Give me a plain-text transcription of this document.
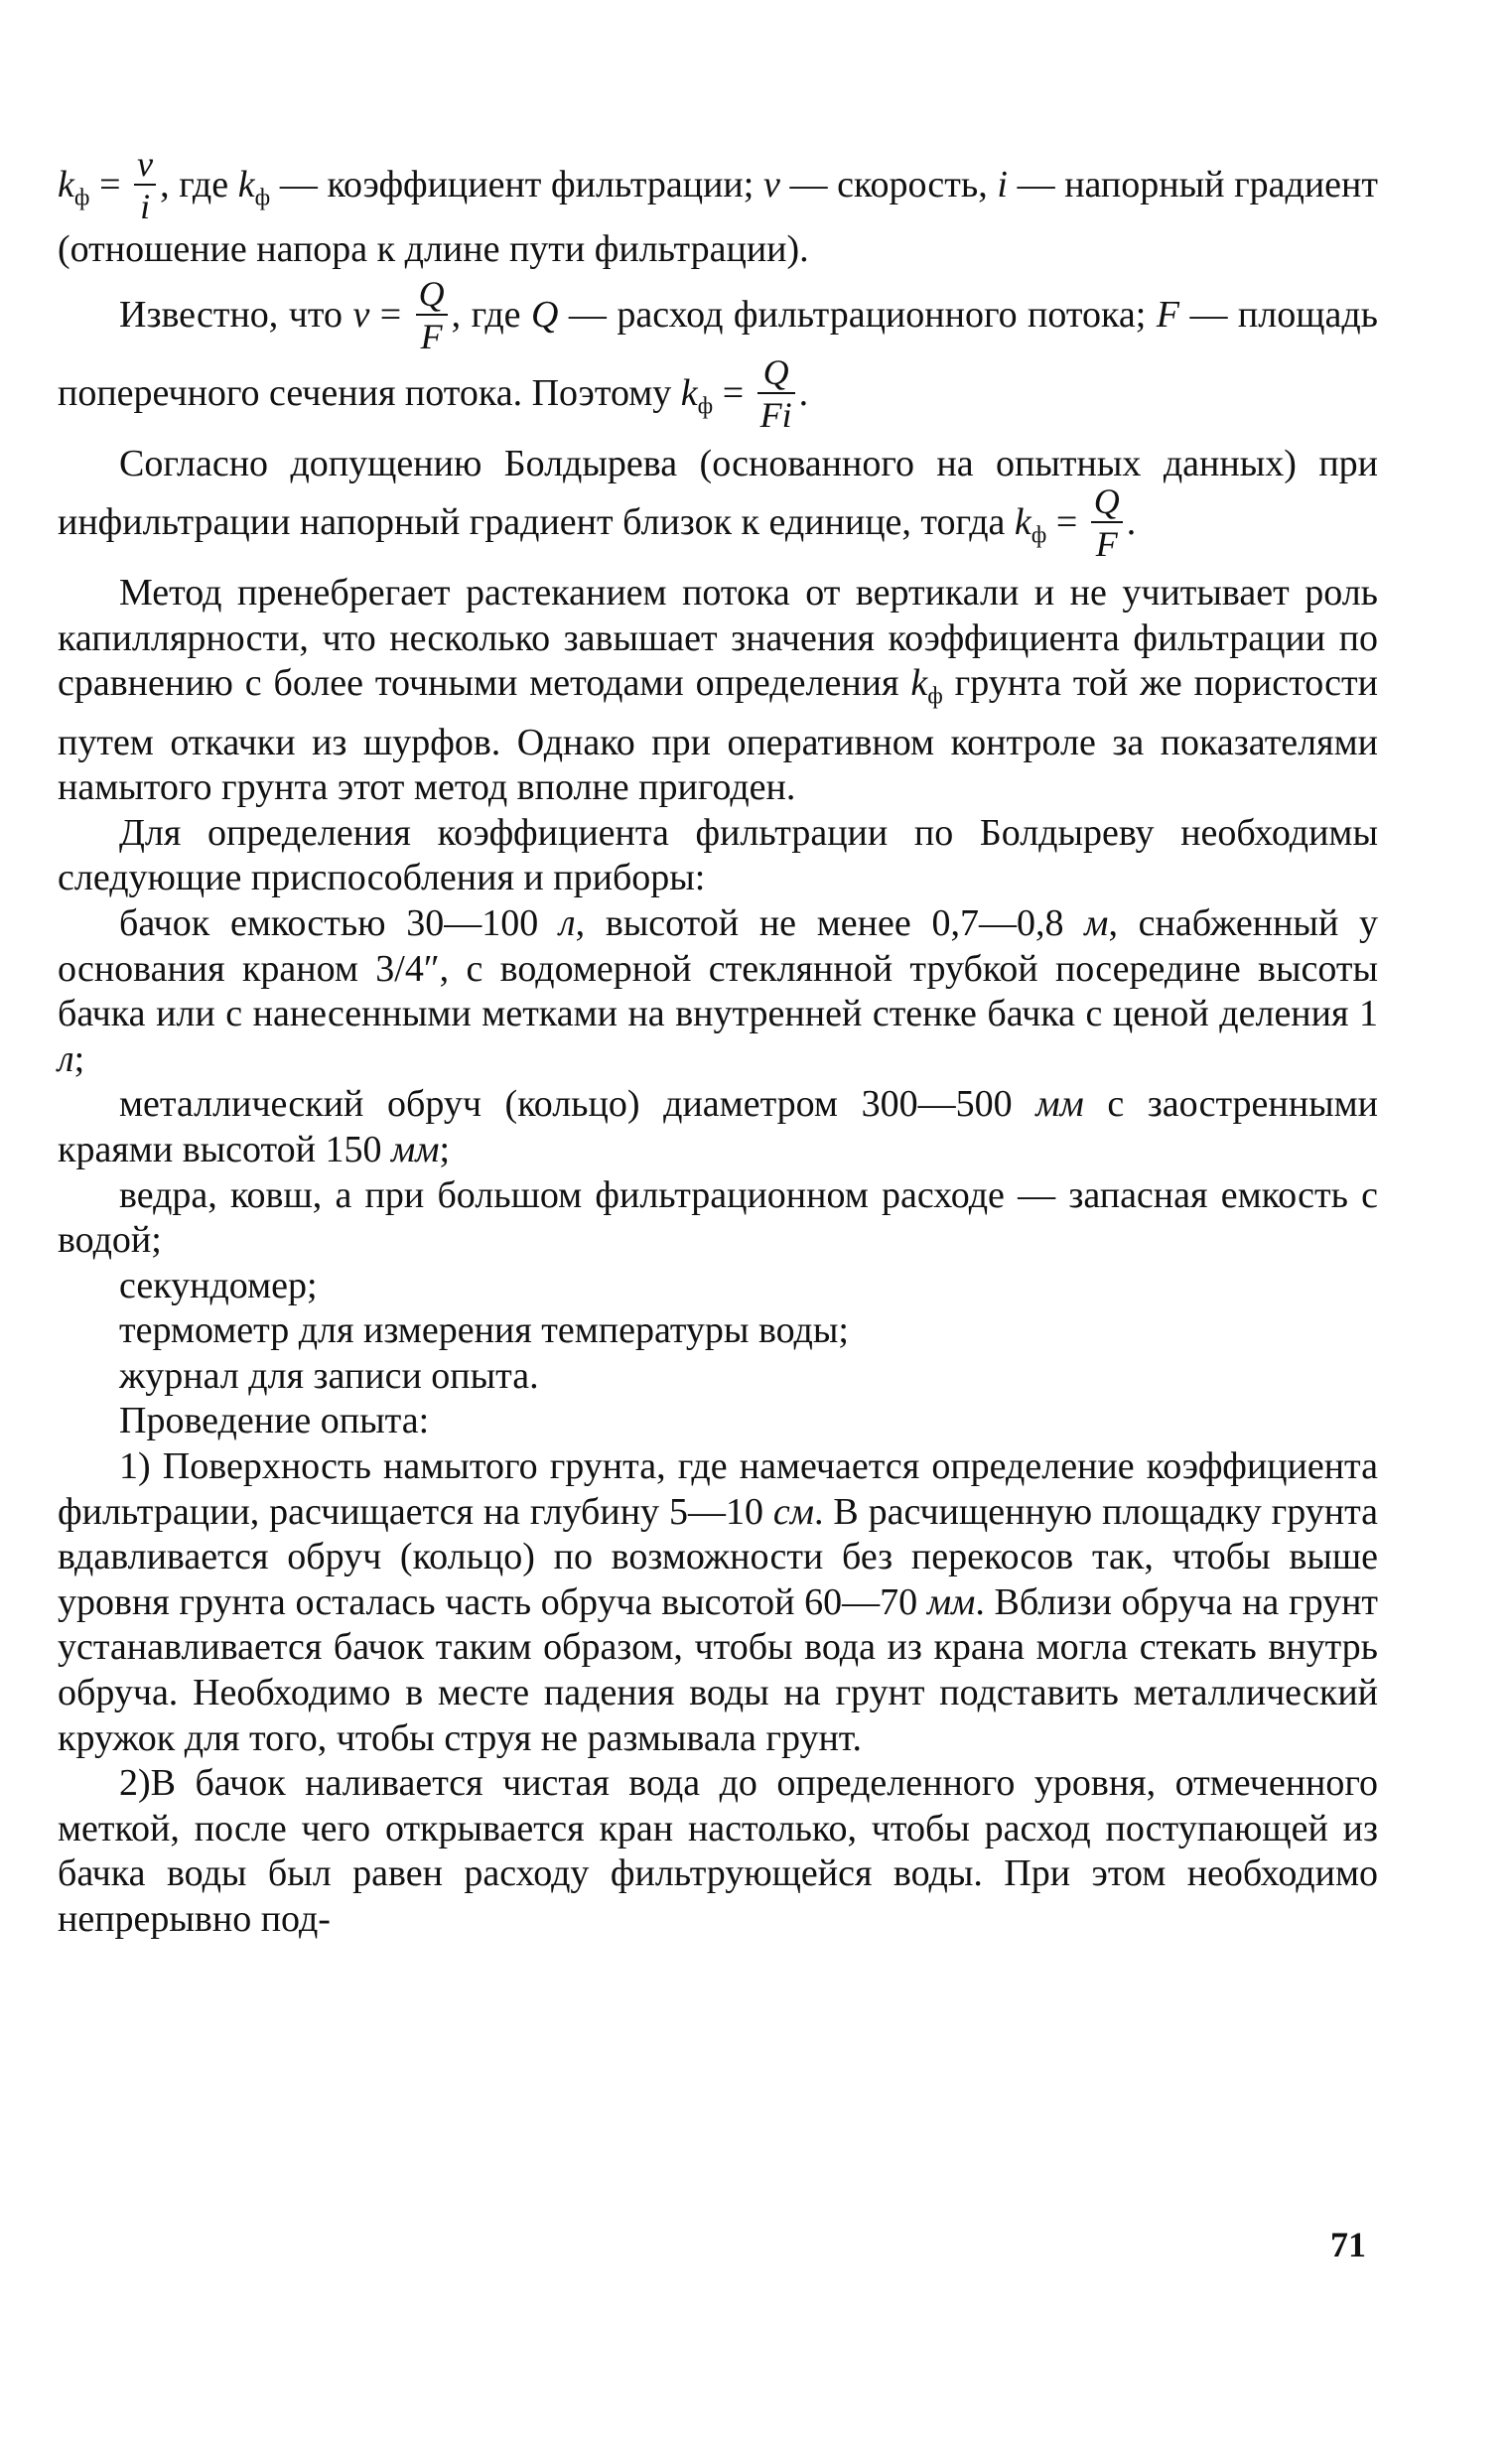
$k_ф = \frac{v}{i}$ , где $k_ф$ — коэффициент фильтрации; v — скорость, i — напорный градиент (отношение напора к длине пути фильтрации).

Известно, что $v = \frac{Q}{F}$ , где Q — расход фильтрационного потока; F — площадь поперечного сечения потока. Поэтому $k_ф = \frac{Q}{Fi}$ .

Согласно допущению Болдырева (основанного на опытных данных) при инфильтрации напорный градиент близок к единице, тогда $k_ф = \frac{Q}{F}$ .

Метод пренебрегает растеканием потока от вертикали и не учитывает роль капиллярности, что несколько завышает значения коэффициента фильтрации по сравнению с более точными методами определения $k_ф$ грунта той же пористости путем откачки из шурфов. Однако при оперативном контроле за показателями намытого грунта этот метод вполне пригоден.

Для определения коэффициента фильтрации по Болдыреву необходимы следующие приспособления и приборы:

бачок емкостью 30—100 л, высотой не менее 0,7—0,8 м, снабженный у основания краном 3/4″, с водомерной стеклянной трубкой посередине высоты бачка или с нанесенными метками на внутренней стенке бачка с ценой деления 1 л;

металлический обруч (кольцо) диаметром 300—500 мм с заостренными краями высотой 150 мм;

ведра, ковш, а при большом фильтрационном расходе — запасная емкость с водой;

секундомер;

термометр для измерения температуры воды;

журнал для записи опыта.

Проведение опыта:

1) Поверхность намытого грунта, где намечается определение коэффициента фильтрации, расчищается на глубину 5—10 см. В расчищенную площадку грунта вдавливается обруч (кольцо) по возможности без перекосов так, чтобы выше уровня грунта осталась часть обруча высотой 60—70 мм. Вблизи обруча на грунт устанавливается бачок таким образом, чтобы вода из крана могла стекать внутрь обруча. Необходимо в месте падения воды на грунт подставить металлический кружок для того, чтобы струя не размывала грунт.

2)В бачок наливается чистая вода до определенного уровня, отмеченного меткой, после чего открывается кран настолько, чтобы расход поступающей из бачка воды был равен расходу фильтрующейся воды. При этом необходимо непрерывно под-

71
